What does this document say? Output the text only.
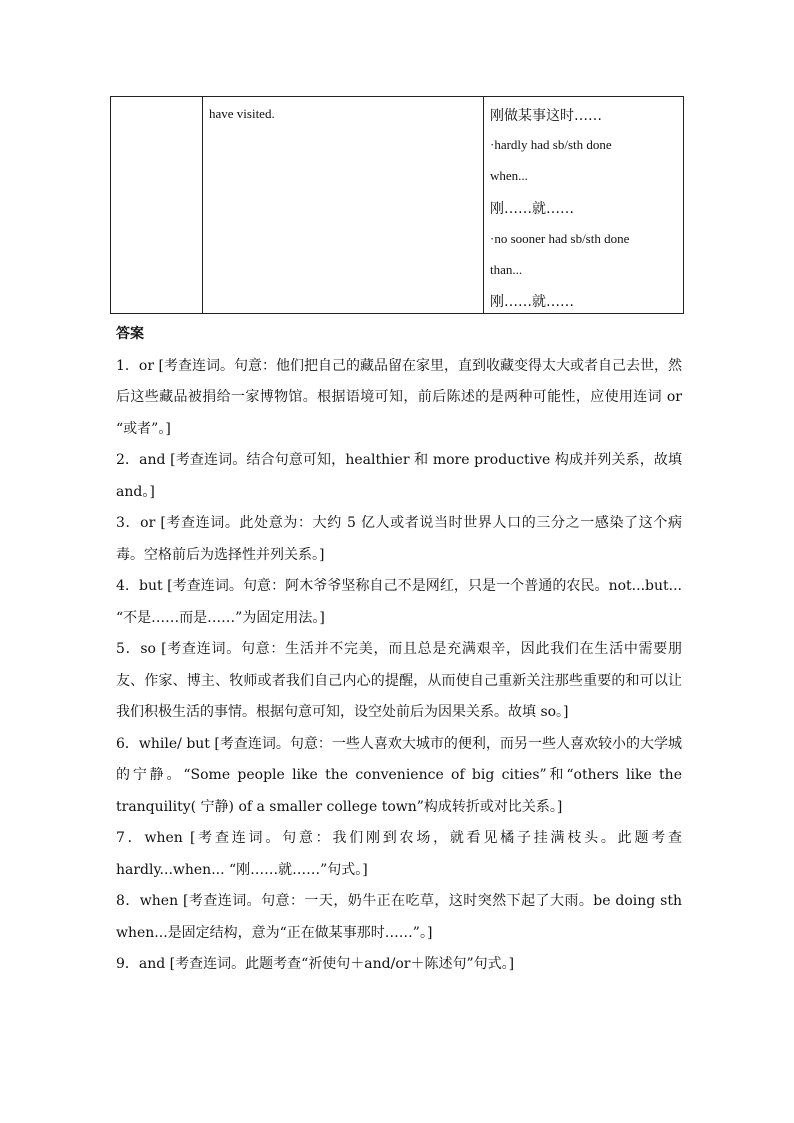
have visited.	刚做某事这时……
·hardly had sb/sth done
when...
刚……就……
·no sooner had sb/sth done
than...
刚……就……
答案
1．or [考查连词。句意：他们把自己的藏品留在家里，直到收藏变得太大或者自己去世，然后这些藏品被捐给一家博物馆。根据语境可知，前后陈述的是两种可能性，应使用连词 or “或者”。]
2．and [考查连词。结合句意可知，healthier 和 more productive 构成并列关系，故填 and。]
3．or [考查连词。此处意为：大约 5 亿人或者说当时世界人口的三分之一感染了这个病毒。空格前后为选择性并列关系。]
4．but [考查连词。句意：阿木爷爷坚称自己不是网红，只是一个普通的农民。not...but... “不是……而是……”为固定用法。]
5．so [考查连词。句意：生活并不完美，而且总是充满艰辛，因此我们在生活中需要朋友、作家、博主、牧师或者我们自己内心的提醒，从而使自己重新关注那些重要的和可以让我们积极生活的事情。根据句意可知，设空处前后为因果关系。故填 so。]
6．while/ but [考查连词。句意：一些人喜欢大城市的便利，而另一些人喜欢较小的大学城的宁静。“Some people like the convenience of big cities”和“others like the tranquility( 宁静) of a smaller college town”构成转折或对比关系。]
7．when [考查连词。句意：我们刚到农场，就看见橘子挂满枝头。此题考查 hardly...when... “刚……就……”句式。]
8．when [考查连词。句意：一天，奶牛正在吃草，这时突然下起了大雨。be doing sth when...是固定结构，意为“正在做某事那时……”。]
9．and [考查连词。此题考查“祈使句＋and/or＋陈述句”句式。]
